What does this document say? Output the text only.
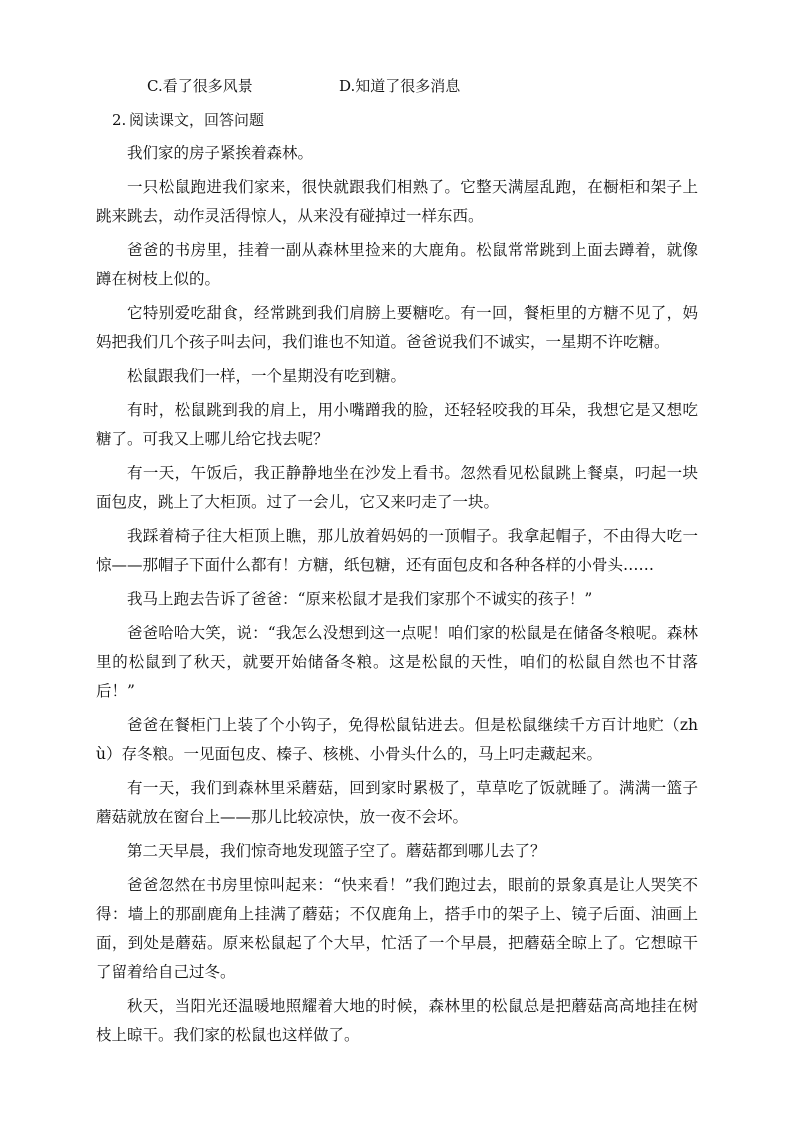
C.看了很多风景	D.知道了很多消息
2. 阅读课文，回答问题

我们家的房子紧挨着森林。

一只松鼠跑进我们家来，很快就跟我们相熟了。它整天满屋乱跑，在橱柜和架子上跳来跳去，动作灵活得惊人，从来没有碰掉过一样东西。

爸爸的书房里，挂着一副从森林里捡来的大鹿角。松鼠常常跳到上面去蹲着，就像蹲在树枝上似的。

它特别爱吃甜食，经常跳到我们肩膀上要糖吃。有一回，餐柜里的方糖不见了，妈妈把我们几个孩子叫去问，我们谁也不知道。爸爸说我们不诚实，一星期不许吃糖。

松鼠跟我们一样，一个星期没有吃到糖。

有时，松鼠跳到我的肩上，用小嘴蹭我的脸，还轻轻咬我的耳朵，我想它是又想吃糖了。可我又上哪儿给它找去呢？

有一天，午饭后，我正静静地坐在沙发上看书。忽然看见松鼠跳上餐桌，叼起一块面包皮，跳上了大柜顶。过了一会儿，它又来叼走了一块。

我踩着椅子往大柜顶上瞧，那儿放着妈妈的一顶帽子。我拿起帽子，不由得大吃一惊——那帽子下面什么都有！方糖，纸包糖，还有面包皮和各种各样的小骨头……

我马上跑去告诉了爸爸：“原来松鼠才是我们家那个不诚实的孩子！”

爸爸哈哈大笑，说：“我怎么没想到这一点呢！咱们家的松鼠是在储备冬粮呢。森林里的松鼠到了秋天，就要开始储备冬粮。这是松鼠的天性，咱们的松鼠自然也不甘落后！”

爸爸在餐柜门上装了个小钩子，免得松鼠钻进去。但是松鼠继续千方百计地贮（zhù）存冬粮。一见面包皮、榛子、核桃、小骨头什么的，马上叼走藏起来。

有一天，我们到森林里采蘑菇，回到家时累极了，草草吃了饭就睡了。满满一篮子蘑菇就放在窗台上——那儿比较凉快，放一夜不会坏。

第二天早晨，我们惊奇地发现篮子空了。蘑菇都到哪儿去了？

爸爸忽然在书房里惊叫起来：“快来看！”我们跑过去，眼前的景象真是让人哭笑不得：墙上的那副鹿角上挂满了蘑菇；不仅鹿角上，搭手巾的架子上、镜子后面、油画上面，到处是蘑菇。原来松鼠起了个大早，忙活了一个早晨，把蘑菇全晾上了。它想晾干了留着给自己过冬。

秋天，当阳光还温暖地照耀着大地的时候，森林里的松鼠总是把蘑菇高高地挂在树枝上晾干。我们家的松鼠也这样做了。
